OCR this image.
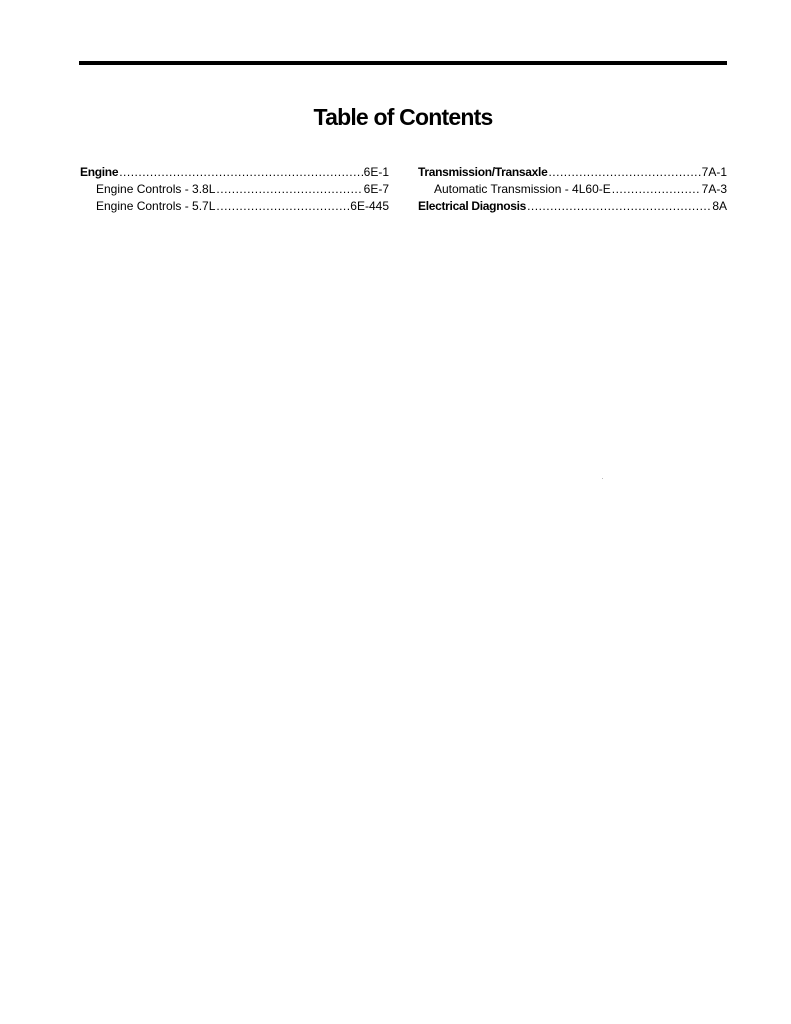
Table of Contents
Engine .....	6E-1
Engine Controls - 3.8L .....	6E-7
Engine Controls - 5.7L .....	6E-445
Transmission/Transaxle .....	7A-1
Automatic Transmission - 4L60-E .....	7A-3
Electrical Diagnosis .....	8A
